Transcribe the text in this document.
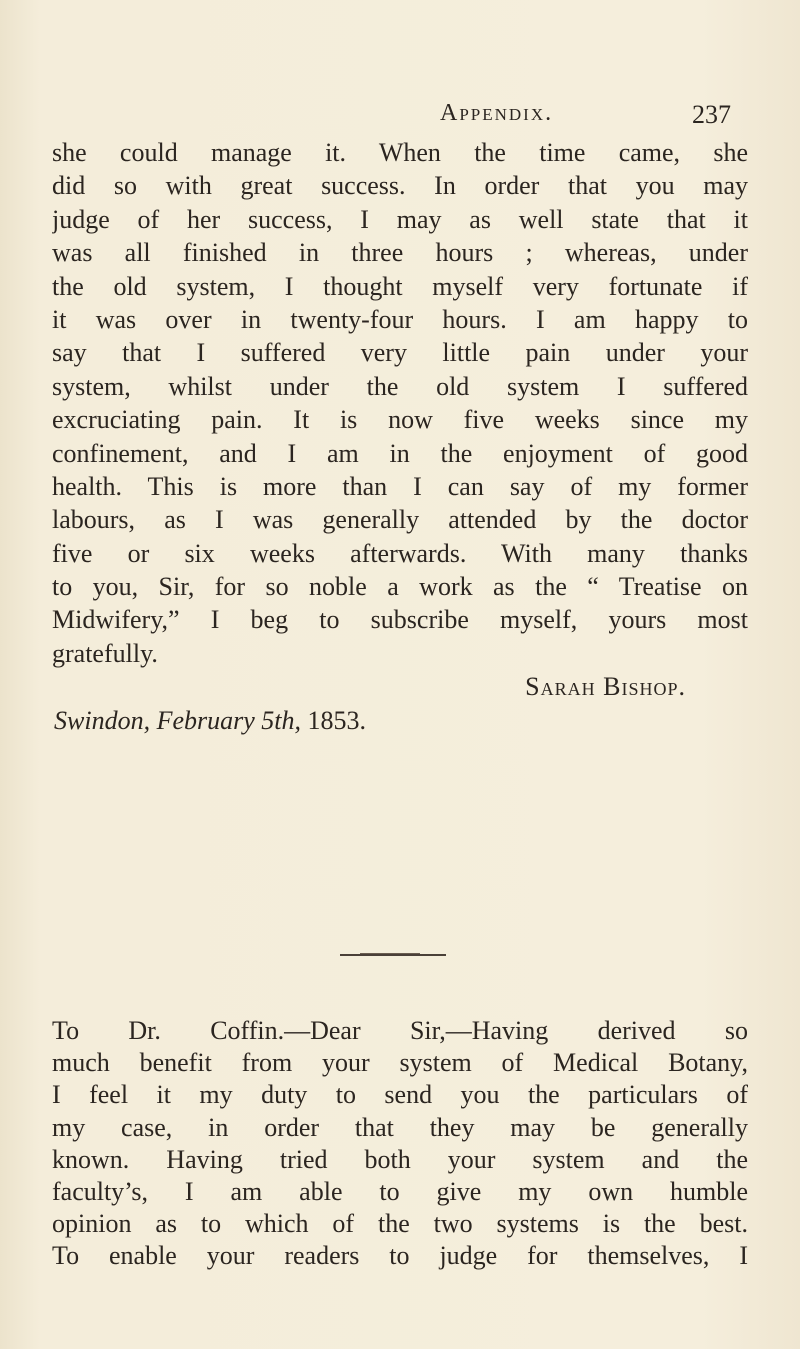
Appendix.	237
she could manage it. When the time came, she
did so with great success. In order that you may
judge of her success, I may as well state that it
was all finished in three hours ; whereas, under
the old system, I thought myself very fortunate if
it was over in twenty-four hours. I am happy to
say that I suffered very little pain under your
system, whilst under the old system I suffered
excruciating pain. It is now five weeks since my
confinement, and I am in the enjoyment of good
health. This is more than I can say of my former
labours, as I was generally attended by the doctor
five or six weeks afterwards. With many thanks
to you, Sir, for so noble a work as the “ Treatise on
Midwifery,” I beg to subscribe myself, yours most
gratefully.
Sarah Bishop.
Swindon, February 5th, 1853.
To Dr. Coffin.—Dear Sir,—Having derived so
much benefit from your system of Medical Botany,
I feel it my duty to send you the particulars of
my case, in order that they may be generally
known. Having tried both your system and the
faculty’s, I am able to give my own humble
opinion as to which of the two systems is the best.
To enable your readers to judge for themselves, I
